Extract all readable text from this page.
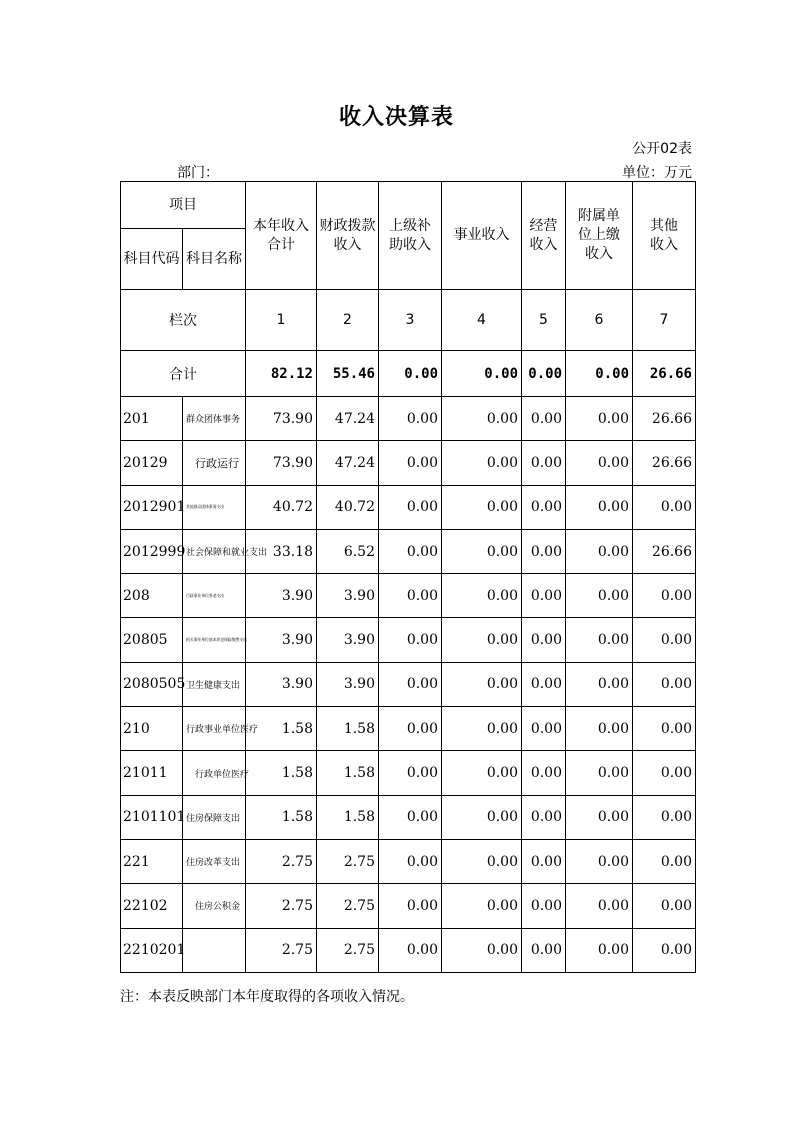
收入决算表
公开02表
部门：	单位：万元
项目		本年收入合计	财政拨款收入	上级补助收入	事业收入	经营收入	附属单位上缴收入	其他收入

科目代码	科目名称							
栏次		1	2	3	4	5	6	7
合计		82.12	55.46	0.00	0.00	0.00	0.00	26.66
201	群众团体事务	73.90	47.24	0.00	0.00	0.00	0.00	26.66
20129	行政运行	73.90	47.24	0.00	0.00	0.00	0.00	26.66
2012901	其他群众团体事务支出	40.72	40.72	0.00	0.00	0.00	0.00	0.00
2012999	社会保障和就业支出	33.18	6.52	0.00	0.00	0.00	0.00	26.66
208	行政事业单位养老支出	3.90	3.90	0.00	0.00	0.00	0.00	0.00
20805	机关事业单位基本养老保险缴费支出	3.90	3.90	0.00	0.00	0.00	0.00	0.00
2080505	卫生健康支出	3.90	3.90	0.00	0.00	0.00	0.00	0.00
210	行政事业单位医疗	1.58	1.58	0.00	0.00	0.00	0.00	0.00
21011	行政单位医疗	1.58	1.58	0.00	0.00	0.00	0.00	0.00
2101101	住房保障支出	1.58	1.58	0.00	0.00	0.00	0.00	0.00
221	住房改革支出	2.75	2.75	0.00	0.00	0.00	0.00	0.00
22102	住房公积金	2.75	2.75	0.00	0.00	0.00	0.00	0.00
2210201		2.75	2.75	0.00	0.00	0.00	0.00	0.00
注：本表反映部门本年度取得的各项收入情况。
